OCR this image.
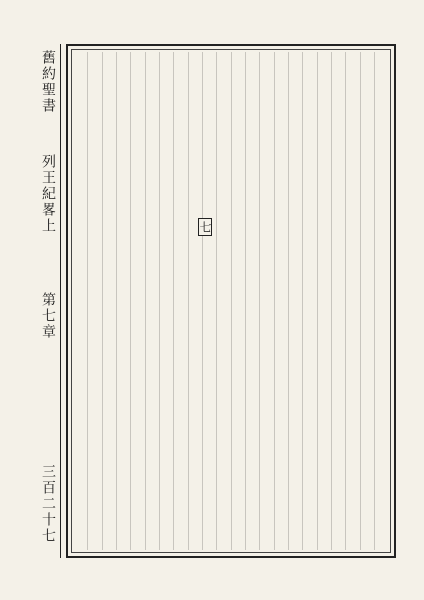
舊約聖書
列王紀畧上
第七章
三百二十七
七
